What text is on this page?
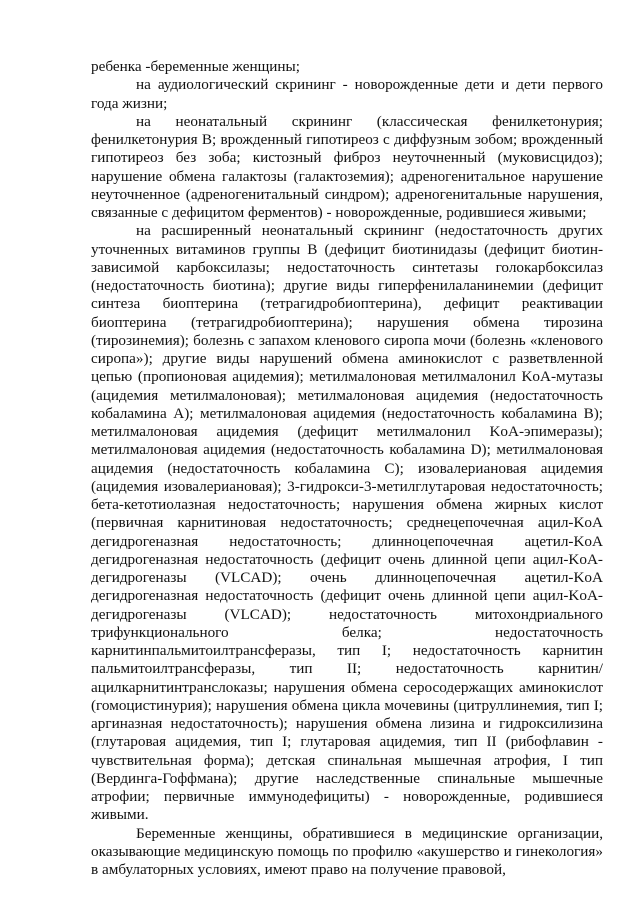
ребенка -беременные женщины;

на аудиологический скрининг - новорожденные дети и дети первого года жизни;

на неонатальный скрининг (классическая фенилкетонурия; фенилкетонурия B; врожденный гипотиреоз с диффузным зобом; врожденный гипотиреоз без зоба; кистозный фиброз неуточненный (муковисцидоз); нарушение обмена галактозы (галактоземия); адреногенитальное нарушение неуточненное (адреногенитальный синдром); адреногенитальные нарушения, связанные с дефицитом ферментов) - новорожденные, родившиеся живыми;

на расширенный неонатальный скрининг (недостаточность других уточненных витаминов группы B (дефицит биотинидазы (дефицит биотин-зависимой карбоксилазы; недостаточность синтетазы голокарбоксилаз (недостаточность биотина); другие виды гиперфенилаланинемии (дефицит синтеза биоптерина (тетрагидробиоптерина), дефицит реактивации биоптерина (тетрагидробиоптерина); нарушения обмена тирозина (тирозинемия); болезнь с запахом кленового сиропа мочи (болезнь «кленового сиропа»); другие виды нарушений обмена аминокислот с разветвленной цепью (пропионовая ацидемия); метилмалоновая метилмалонил KoA-мутазы (ацидемия метилмалоновая); метилмалоновая ацидемия (недостаточность кобаламина A); метилмалоновая ацидемия (недостаточность кобаламина B); метилмалоновая ацидемия (дефицит метилмалонил KoA-эпимеразы); метилмалоновая ацидемия (недостаточность кобаламина D); метилмалоновая ацидемия (недостаточность кобаламина C); изовалериановая ацидемия (ацидемия изовалериановая); 3-гидрокси-3-метилглутаровая недостаточность; бета-кетотиолазная недостаточность; нарушения обмена жирных кислот (первичная карнитиновая недостаточность; среднецепочечная ацил-KoA дегидрогеназная недостаточность; длинноцепочечная ацетил-KoA дегидрогеназная недостаточность (дефицит очень длинной цепи ацил-KoA-дегидрогеназы (VLCAD); очень длинноцепочечная ацетил-KoA дегидрогеназная недостаточность (дефицит очень длинной цепи ацил-KoA-дегидрогеназы (VLCAD); недостаточность митохондриального трифункционального белка; недостаточность карнитинпальмитоилтрансферазы, тип I; недостаточность карнитин пальмитоилтрансферазы, тип II; недостаточность карнитин/ацилкарнитинтранслоказы; нарушения обмена серосодержащих аминокислот (гомоцистинурия); нарушения обмена цикла мочевины (цитруллинемия, тип I; аргиназная недостаточность); нарушения обмена лизина и гидроксилизина (глутаровая ацидемия, тип I; глутаровая ацидемия, тип II (рибофлавин - чувствительная форма); детская спинальная мышечная атрофия, I тип (Вердинга-Гоффмана); другие наследственные спинальные мышечные атрофии; первичные иммунодефициты) - новорожденные, родившиеся живыми.

Беременные женщины, обратившиеся в медицинские организации, оказывающие медицинскую помощь по профилю «акушерство и гинекология» в амбулаторных условиях, имеют право на получение правовой,
